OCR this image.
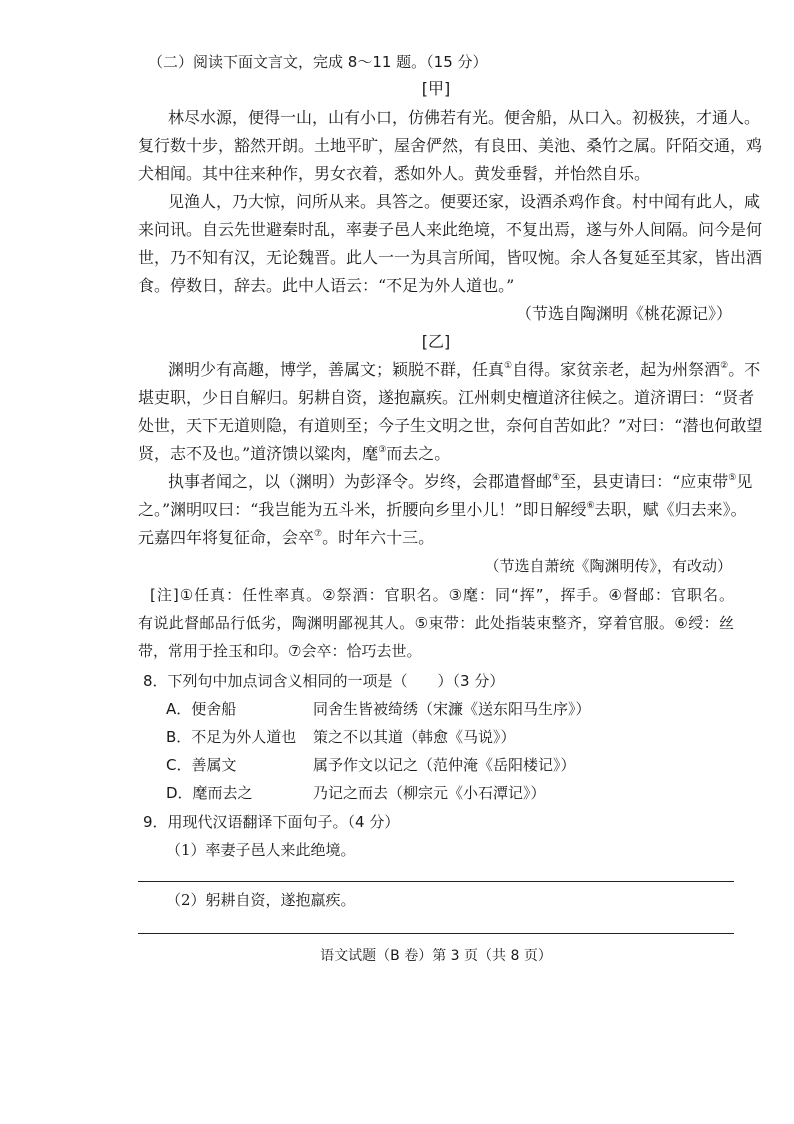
（二）阅读下面文言文，完成 8～11 题。（15 分）
[甲]
林尽水源，便得一山，山有小口，仿佛若有光。便舍船，从口入。初极狭，才通人。
复行数十步，豁然开朗。土地平旷，屋舍俨然，有良田、美池、桑竹之属。阡陌交通，鸡
犬相闻。其中往来种作，男女衣着，悉如外人。黄发垂髫，并怡然自乐。
见渔人，乃大惊，问所从来。具答之。便要还家，设酒杀鸡作食。村中闻有此人，咸
来问讯。自云先世避秦时乱，率妻子邑人来此绝境，不复出焉，遂与外人间隔。问今是何
世，乃不知有汉，无论魏晋。此人一一为具言所闻，皆叹惋。余人各复延至其家，皆出酒
食。停数日，辞去。此中人语云：“不足为外人道也。”
（节选自陶渊明《桃花源记》）
[乙]
渊明少有高趣，博学，善属文；颖脱不群，任真①自得。家贫亲老，起为州祭酒②。不
堪吏职，少日自解归。躬耕自资，遂抱羸疾。江州刺史檀道济往候之。道济谓曰：“贤者
处世，天下无道则隐，有道则至；今子生文明之世，奈何自苦如此？”对曰：“潜也何敢望
贤，志不及也。”道济馈以粱肉，麾③而去之。
执事者闻之，以（渊明）为彭泽令。岁终，会郡遣督邮④至，县吏请曰：“应束带⑤见
之。”渊明叹曰：“我岂能为五斗米，折腰向乡里小儿！”即日解绶⑥去职，赋《归去来》。
元嘉四年将复征命，会卒⑦。时年六十三。
（节选自萧统《陶渊明传》，有改动）
[注]①任真：任性率真。②祭酒：官职名。③麾：同“挥”，挥手。④督邮：官职名。
有说此督邮品行低劣，陶渊明鄙视其人。⑤束带：此处指装束整齐，穿着官服。⑥绶：丝
带，常用于拴玉和印。⑦会卒：恰巧去世。
8．下列句中加点词含义相同的一项是（　　）（3 分）
A．便舍船	同舍生皆被绮绣（宋濂《送东阳马生序》）
B．不足为外人道也 策之不以其道（韩愈《马说》）
C．善属文	属予作文以记之（范仲淹《岳阳楼记》）
D．麾而去之	乃记之而去（柳宗元《小石潭记》）
9．用现代汉语翻译下面句子。（4 分）
（1）率妻子邑人来此绝境。
（2）躬耕自资，遂抱羸疾。
语文试题（B 卷）第 3 页（共 8 页）
